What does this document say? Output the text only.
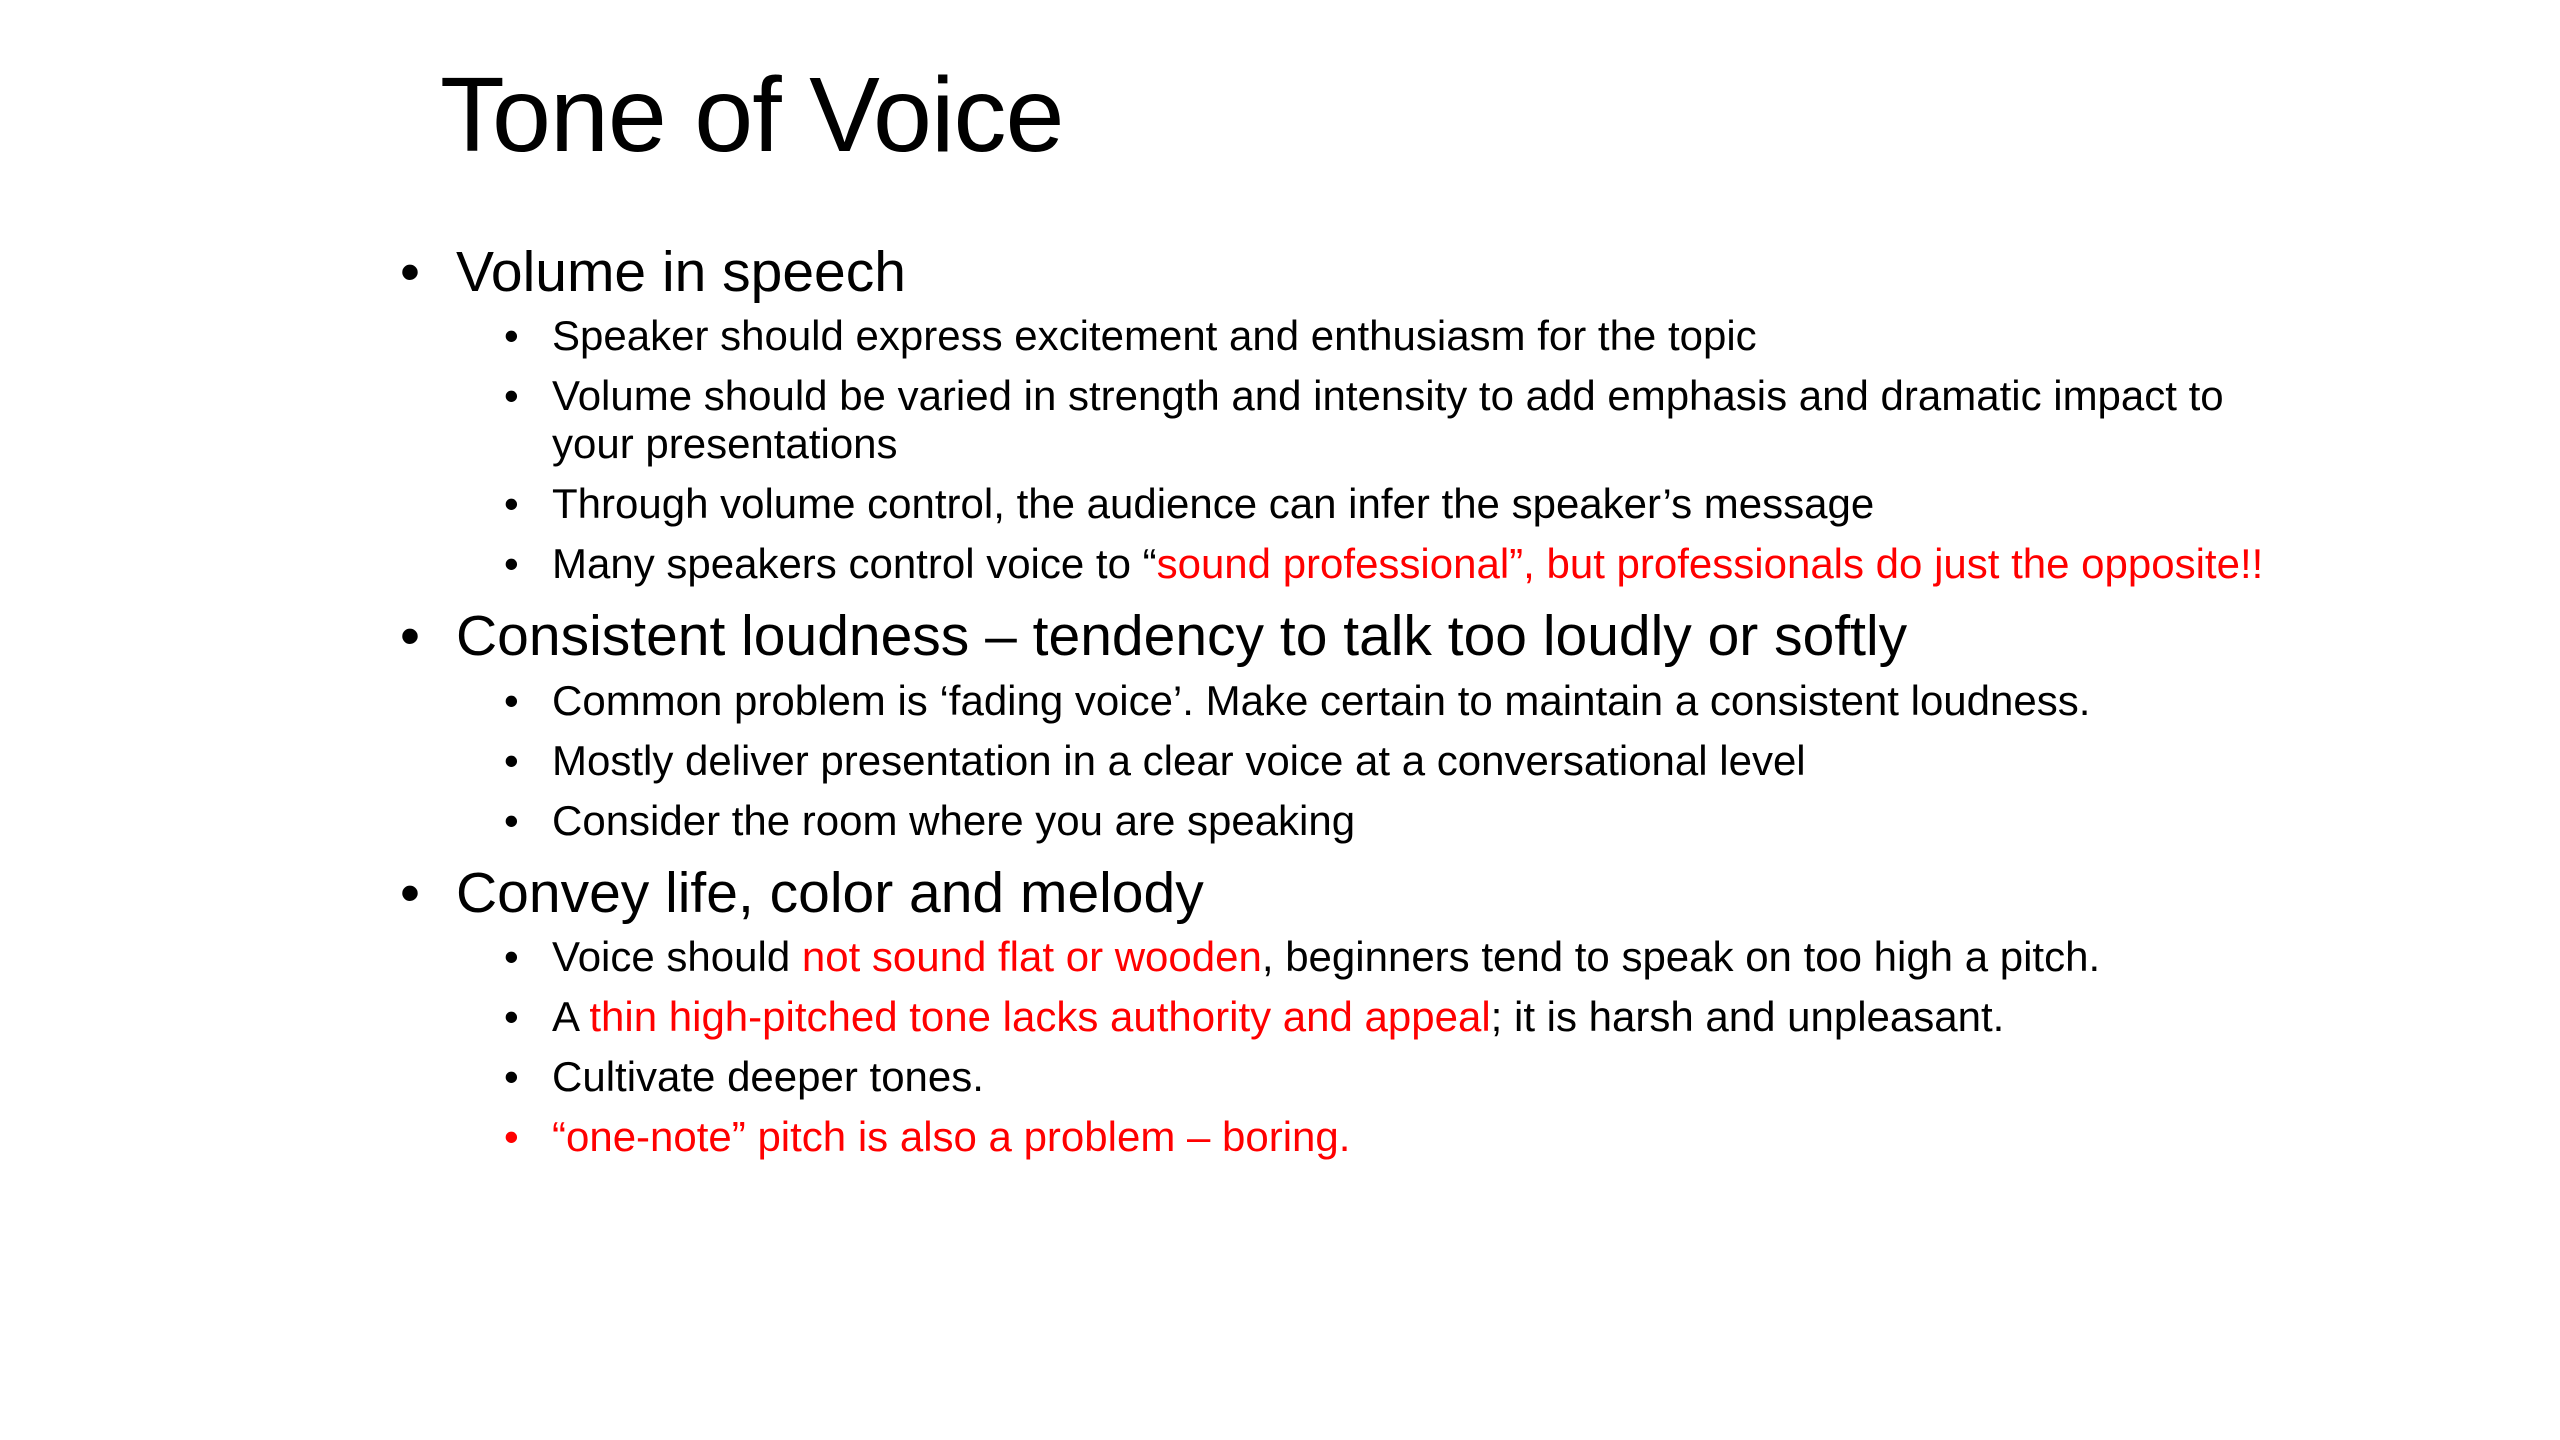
Tone of Voice
• Volume in speech
• Speaker should express excitement and enthusiasm for the topic
• Volume should be varied in strength and intensity to add emphasis and dramatic impact to your presentations
• Through volume control, the audience can infer the speaker’s message
• Many speakers control voice to “sound professional”, but professionals do just the opposite!!
• Consistent loudness – tendency to talk too loudly or softly
• Common problem is ‘fading voice’. Make certain to maintain a consistent loudness.
• Mostly deliver presentation in a clear voice at a conversational level
• Consider the room where you are speaking
• Convey life, color and melody
• Voice should not sound flat or wooden, beginners tend to speak on too high a pitch.
• A thin high-pitched tone lacks authority and appeal; it is harsh and unpleasant.
• Cultivate deeper tones.
• “one-note” pitch is also a problem – boring.
